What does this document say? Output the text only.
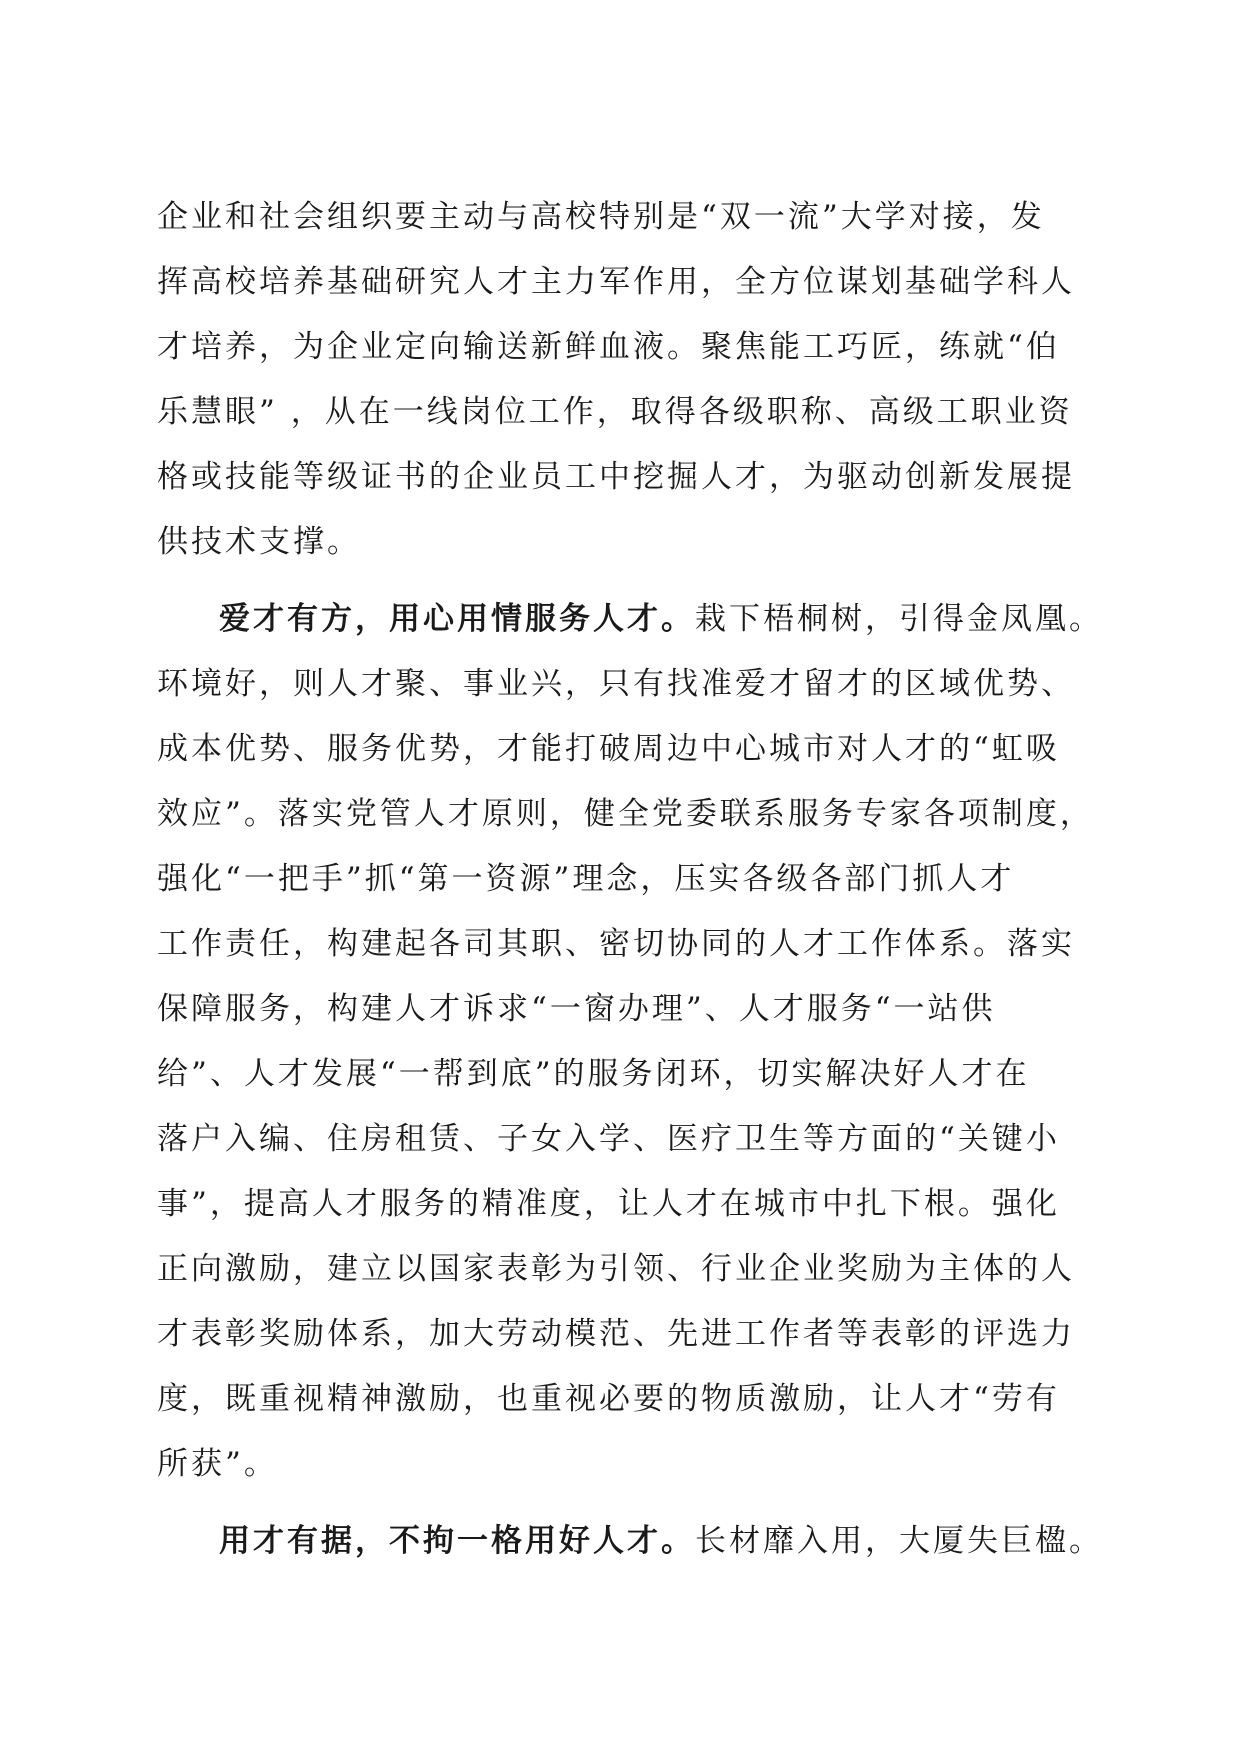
企业和社会组织要主动与高校特别是“双一流”大学对接，发
挥高校培养基础研究人才主力军作用，全方位谋划基础学科人
才培养，为企业定向输送新鲜血液。聚焦能工巧匠，练就“伯
乐慧眼” ，从在一线岗位工作，取得各级职称、高级工职业资
格或技能等级证书的企业员工中挖掘人才，为驱动创新发展提
供技术支撑。
爱才有方，用心用情服务人才。栽下梧桐树，引得金凤凰。
环境好，则人才聚、事业兴，只有找准爱才留才的区域优势、
成本优势、服务优势，才能打破周边中心城市对人才的“虹吸
效应”。落实党管人才原则，健全党委联系服务专家各项制度，
强化“一把手”抓“第一资源”理念，压实各级各部门抓人才
工作责任，构建起各司其职、密切协同的人才工作体系。落实
保障服务，构建人才诉求“一窗办理”、人才服务“一站供
给”、人才发展“一帮到底”的服务闭环，切实解决好人才在
落户入编、住房租赁、子女入学、医疗卫生等方面的“关键小
事”，提高人才服务的精准度，让人才在城市中扎下根。强化
正向激励，建立以国家表彰为引领、行业企业奖励为主体的人
才表彰奖励体系，加大劳动模范、先进工作者等表彰的评选力
度，既重视精神激励，也重视必要的物质激励，让人才“劳有
所获”。
用才有据，不拘一格用好人才。长材靡入用，大厦失巨楹。
